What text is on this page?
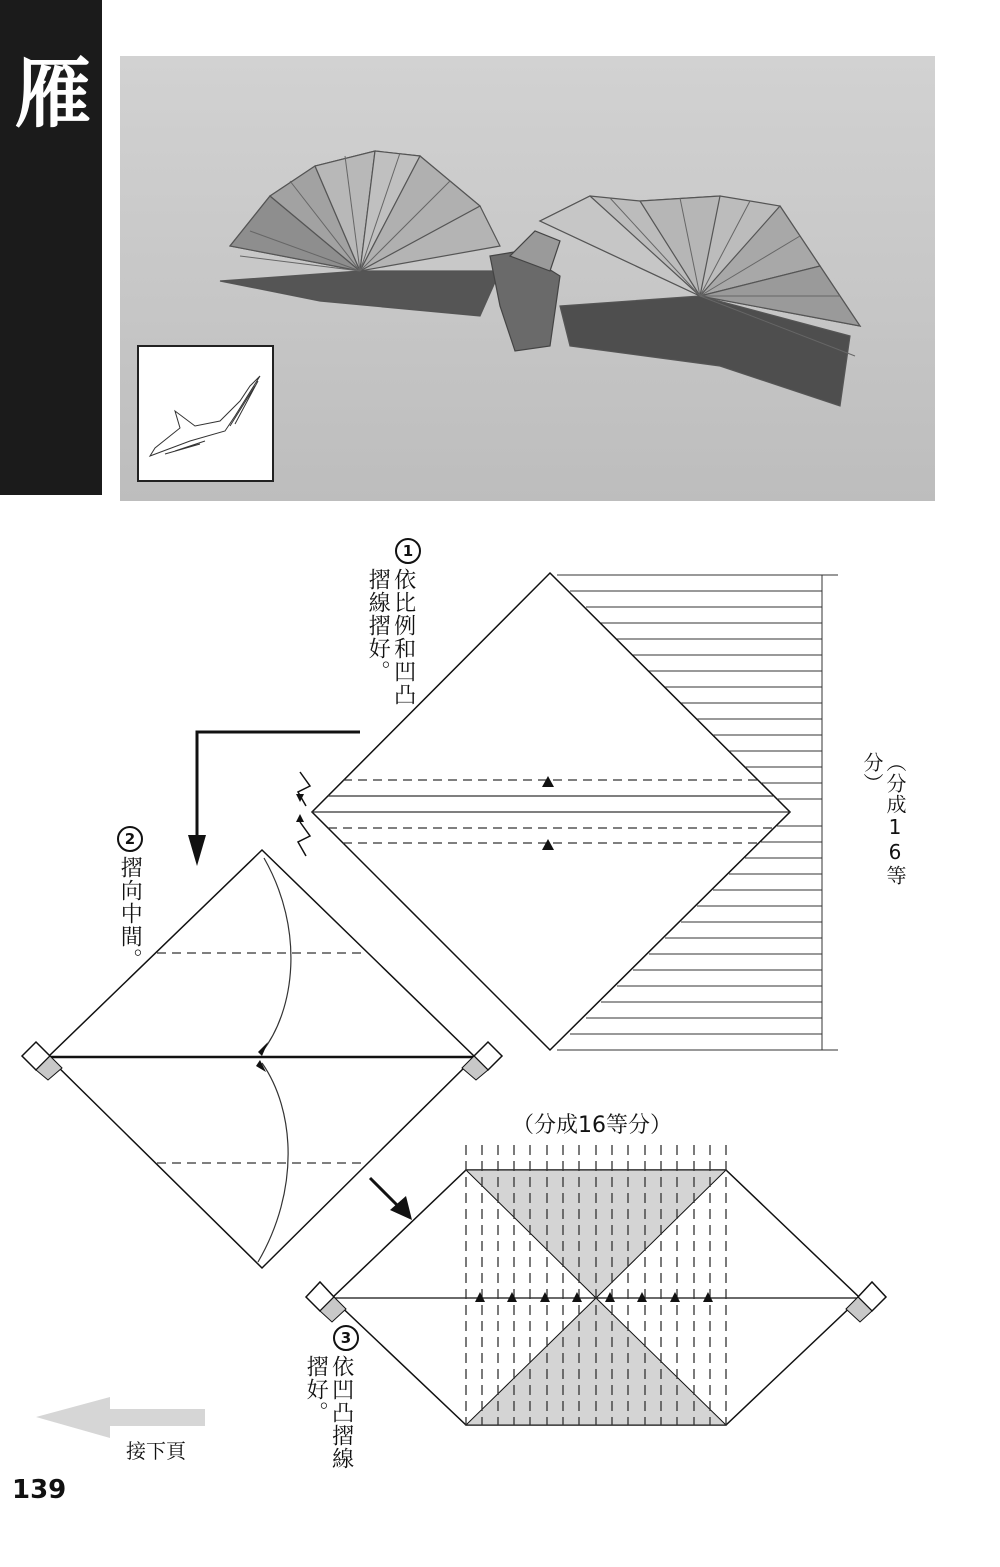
雁
1
依比例和凹凸摺線摺好。
2
摺向中間。
3
依凹凸摺線摺好。
（分成16等分）
（分成16等分）
接下頁
139
